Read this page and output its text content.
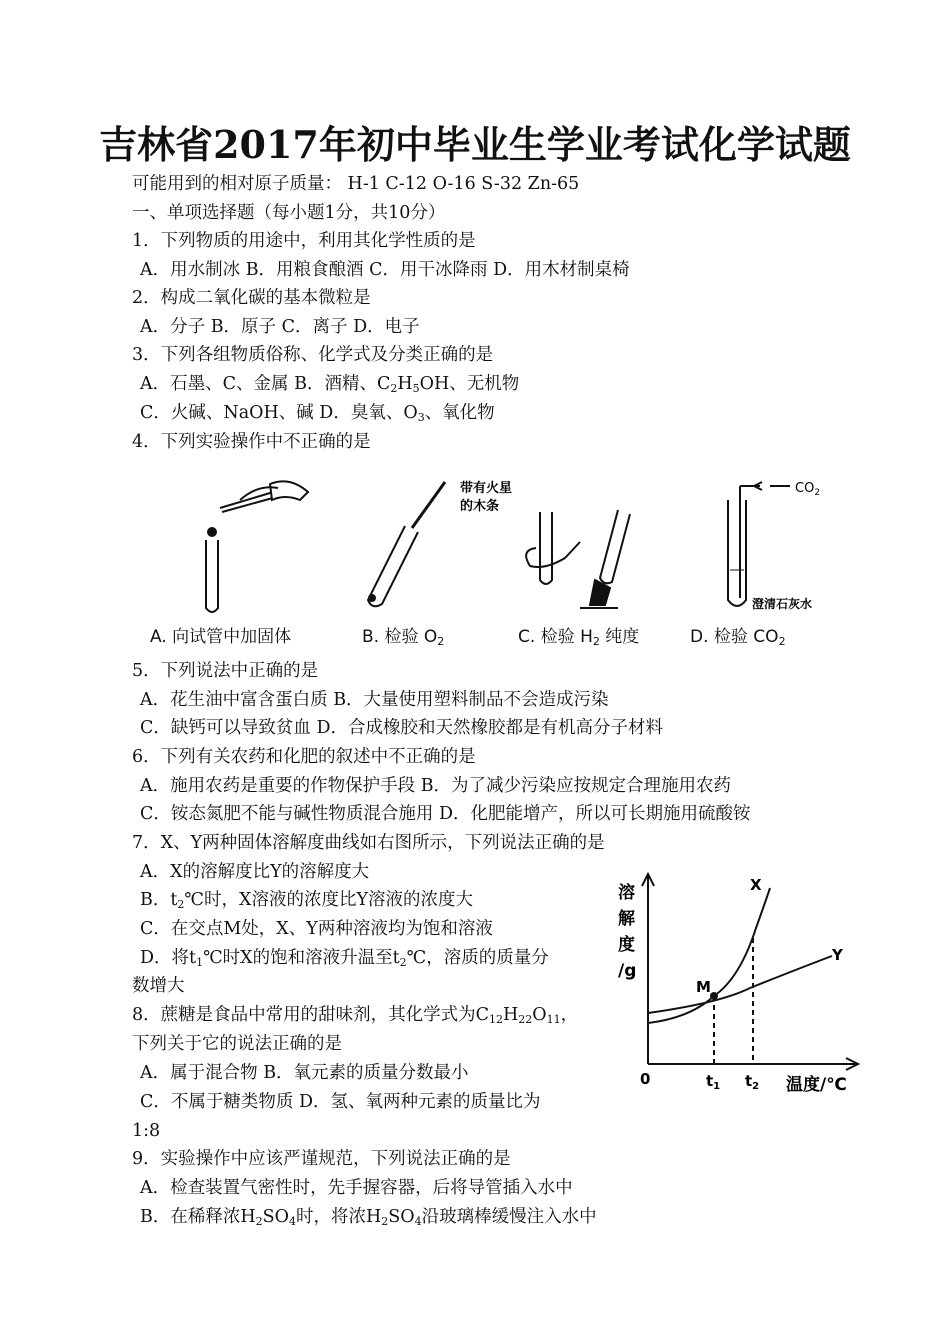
吉林省2017年初中毕业生学业考试化学试题
可能用到的相对原子质量： H-1 C-12 O-16 S-32 Zn-65
一、单项选择题（每小题1分，共10分）
1．下列物质的用途中，利用其化学性质的是
A．用水制冰 B．用粮食酿酒 C．用干冰降雨 D．用木材制桌椅
2．构成二氧化碳的基本微粒是
A．分子 B．原子 C．离子 D．电子
3．下列各组物质俗称、化学式及分类正确的是
A．石墨、C、金属 B．酒精、$C_2H_5OH$、无机物
C．火碱、NaOH、碱 D．臭氧、$O_3$、氧化物
4．下列实验操作中不正确的是
带有火星
的木条
$CO_2$
澄清石灰水
A. 向试管中加固体	B. 检验 $O_2$	C. 检验 $H_2$ 纯度	D. 检验 $CO_2$
5．下列说法中正确的是
A．花生油中富含蛋白质 B．大量使用塑料制品不会造成污染
C．缺钙可以导致贫血 D．合成橡胶和天然橡胶都是有机高分子材料
6．下列有关农药和化肥的叙述中不正确的是
A．施用农药是重要的作物保护手段 B．为了减少污染应按规定合理施用农药
C．铵态氮肥不能与碱性物质混合施用 D．化肥能增产，所以可长期施用硫酸铵
7．X、Y两种固体溶解度曲线如右图所示，下列说法正确的是
A．X的溶解度比Y的溶解度大
B．$t_2℃$时，X溶液的浓度比Y溶液的浓度大
C．在交点M处，X、Y两种溶液均为饱和溶液
D．将$t_1℃$时X的饱和溶液升温至$t_2℃$，溶质的质量分
数增大
8．蔗糖是食品中常用的甜味剂，其化学式为$C_{12}H_{22}O_{11}$，
下列关于它的说法正确的是
A．属于混合物 B．氧元素的质量分数最小
C．不属于糖类物质 D．氢、氧两种元素的质量比为
1:8
9．实验操作中应该严谨规范，下列说法正确的是
A．检查装置气密性时，先手握容器，后将导管插入水中
B．在稀释浓$H_2SO_4$时，将浓$H_2SO_4$沿玻璃棒缓慢注入水中
溶
解
度
/g
0	$t_1$ $t_2$ 温度/℃
X
Y
M
